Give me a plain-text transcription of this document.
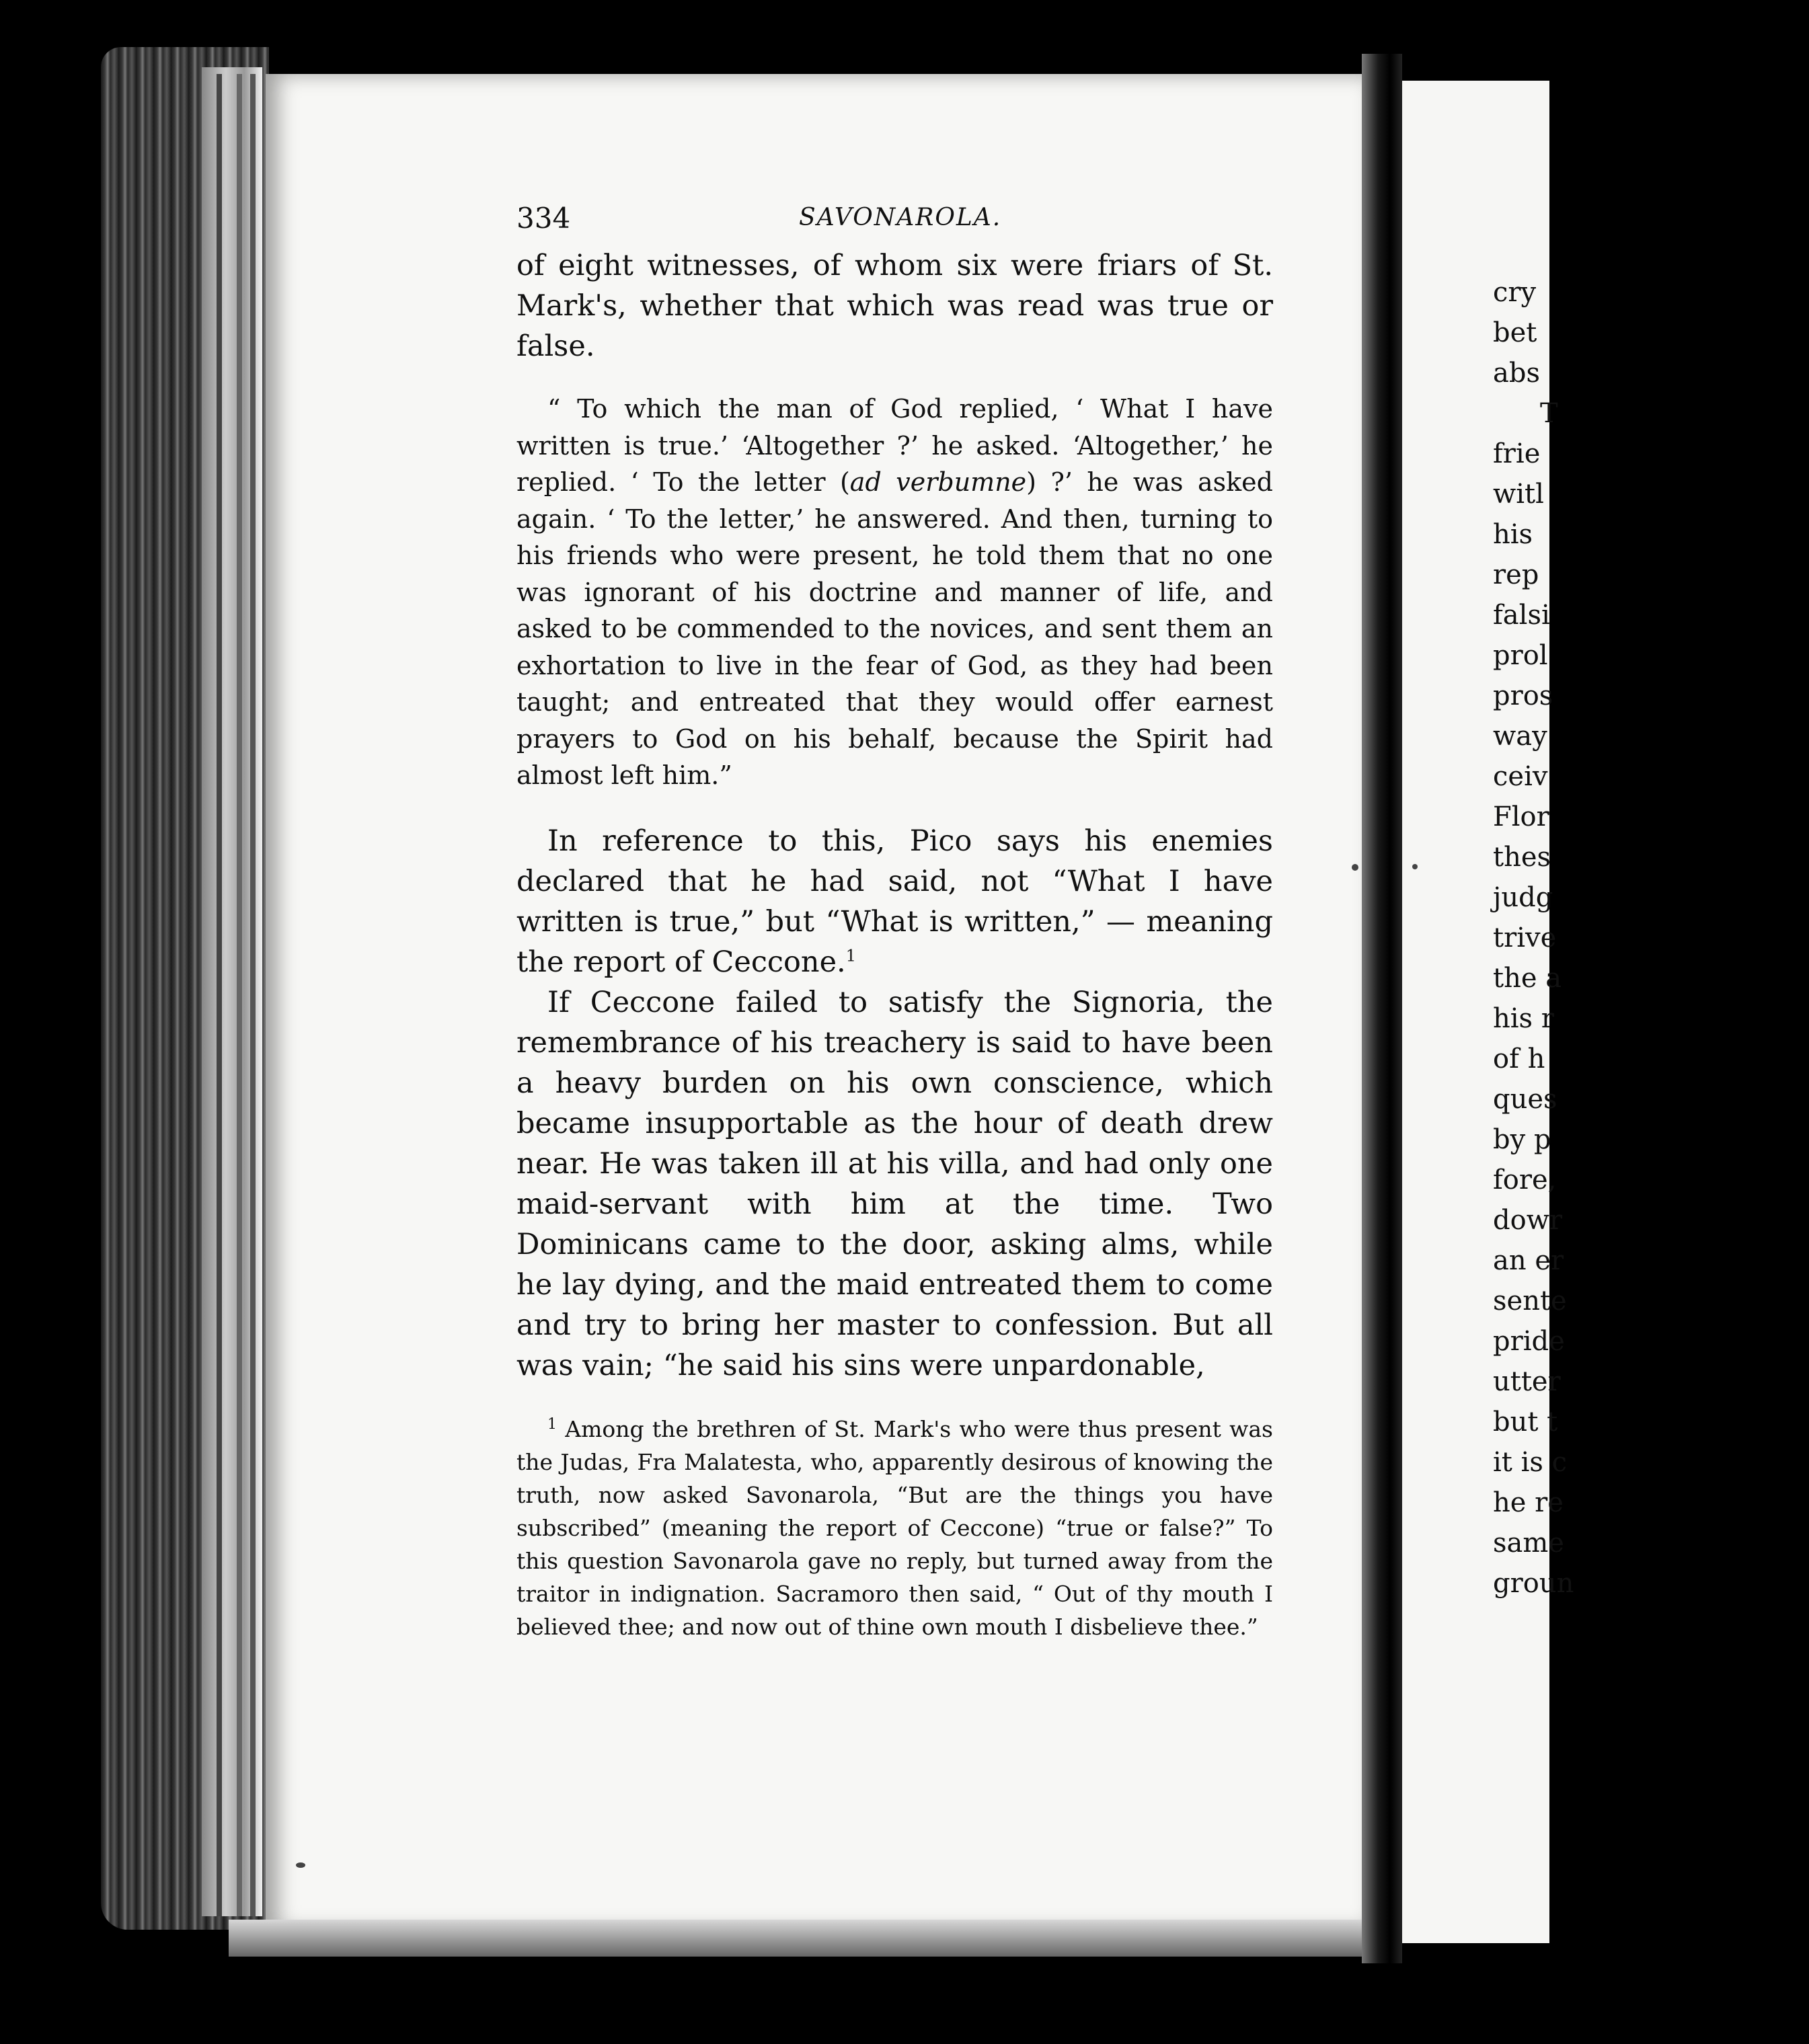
cry
bet
abs
T
frie
witl
his
rep
falsi
prol
pros
way
ceiv
Flor
thes
judg
trive
the a
his r
of h
ques
by p
fore,
dowr
an er
sente
pride
utter
but t
it is c
he re
same
groun
334	SAVONAROLA.

of eight witnesses, of whom six were friars of St. Mark's, whether that which was read was true or false.

“ To which the man of God replied, ‘ What I have written is true.’ ‘Altogether ?’ he asked. ‘Altogether,’ he replied. ‘ To the letter (ad verbumne) ?’ he was asked again. ‘ To the letter,’ he answered. And then, turning to his friends who were present, he told them that no one was ignorant of his doctrine and manner of life, and asked to be commended to the novices, and sent them an exhortation to live in the fear of God, as they had been taught; and entreated that they would offer earnest prayers to God on his behalf, because the Spirit had almost left him.”

In reference to this, Pico says his enemies declared that he had said, not “What I have written is true,” but “What is written,” — meaning the report of Ceccone.$^1$

If Ceccone failed to satisfy the Signoria, the remembrance of his treachery is said to have been a heavy burden on his own conscience, which became insupportable as the hour of death drew near. He was taken ill at his villa, and had only one maid-servant with him at the time. Two Dominicans came to the door, asking alms, while he lay dying, and the maid entreated them to come and try to bring her master to confession. But all was vain; “he said his sins were unpardonable,

$^1$ Among the brethren of St. Mark's who were thus present was the Judas, Fra Malatesta, who, apparently desirous of knowing the truth, now asked Savonarola, “But are the things you have subscribed” (meaning the report of Ceccone) “true or false?” To this question Savonarola gave no reply, but turned away from the traitor in indignation. Sacramoro then said, “ Out of thy mouth I believed thee; and now out of thine own mouth I disbelieve thee.”
